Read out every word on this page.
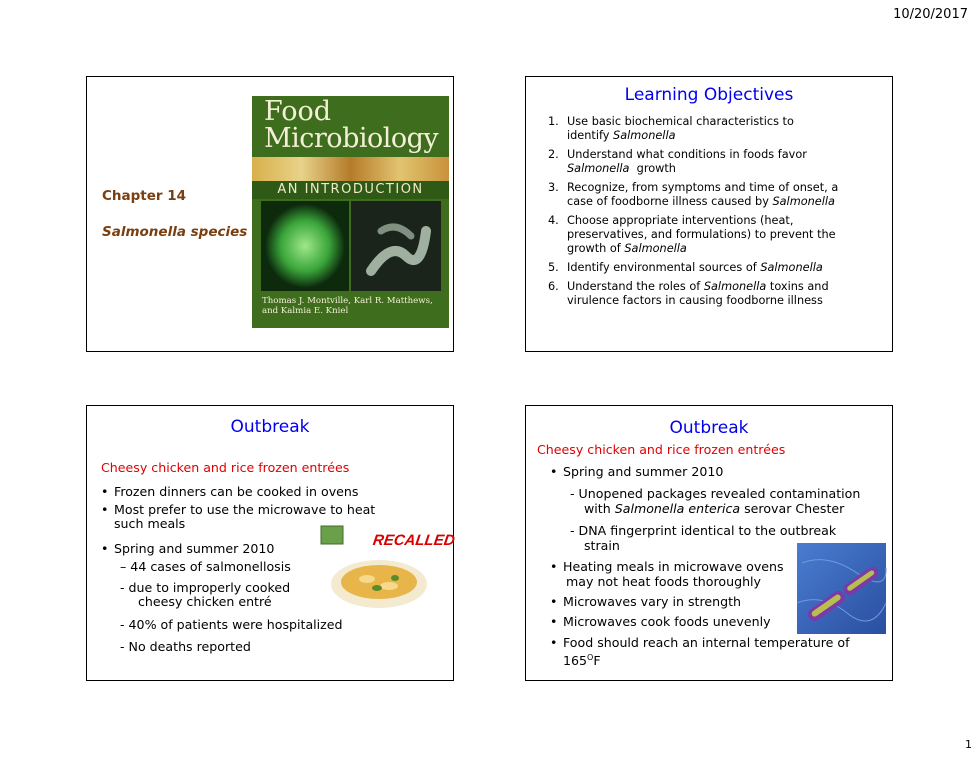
10/20/2017
Chapter 14
Salmonella species
Food
Microbiology
AN INTRODUCTION
Thomas J. Montville, Karl R. Matthews,
and Kalmia E. Kniel
Learning Objectives
1. Use basic biochemical characteristics to
identify Salmonella
2. Understand what conditions in foods favor
Salmonella  growth
3. Recognize, from symptoms and time of onset, a
case of foodborne illness caused by Salmonella
4. Choose appropriate interventions (heat,
preservatives, and formulations) to prevent the
growth of Salmonella
5. Identify environmental sources of Salmonella
6. Understand the roles of Salmonella toxins and
virulence factors in causing foodborne illness
Outbreak
Cheesy chicken and rice frozen entrées
• Frozen dinners can be cooked in ovens
• Most prefer to use the microwave to heat
such meals
• Spring and summer 2010
– 44 cases of salmonellosis
- due to improperly cooked
cheesy chicken entré
- 40% of patients were hospitalized
- No deaths reported
RECALLED
Outbreak
Cheesy chicken and rice frozen entrées
• Spring and summer 2010
- Unopened packages revealed contamination
with Salmonella enterica serovar Chester
- DNA fingerprint identical to the outbreak
strain
• Heating meals in microwave ovens
may not heat foods thoroughly
• Microwaves vary in strength
• Microwaves cook foods unevenly
• Food should reach an internal temperature of
$165^OF$
1
